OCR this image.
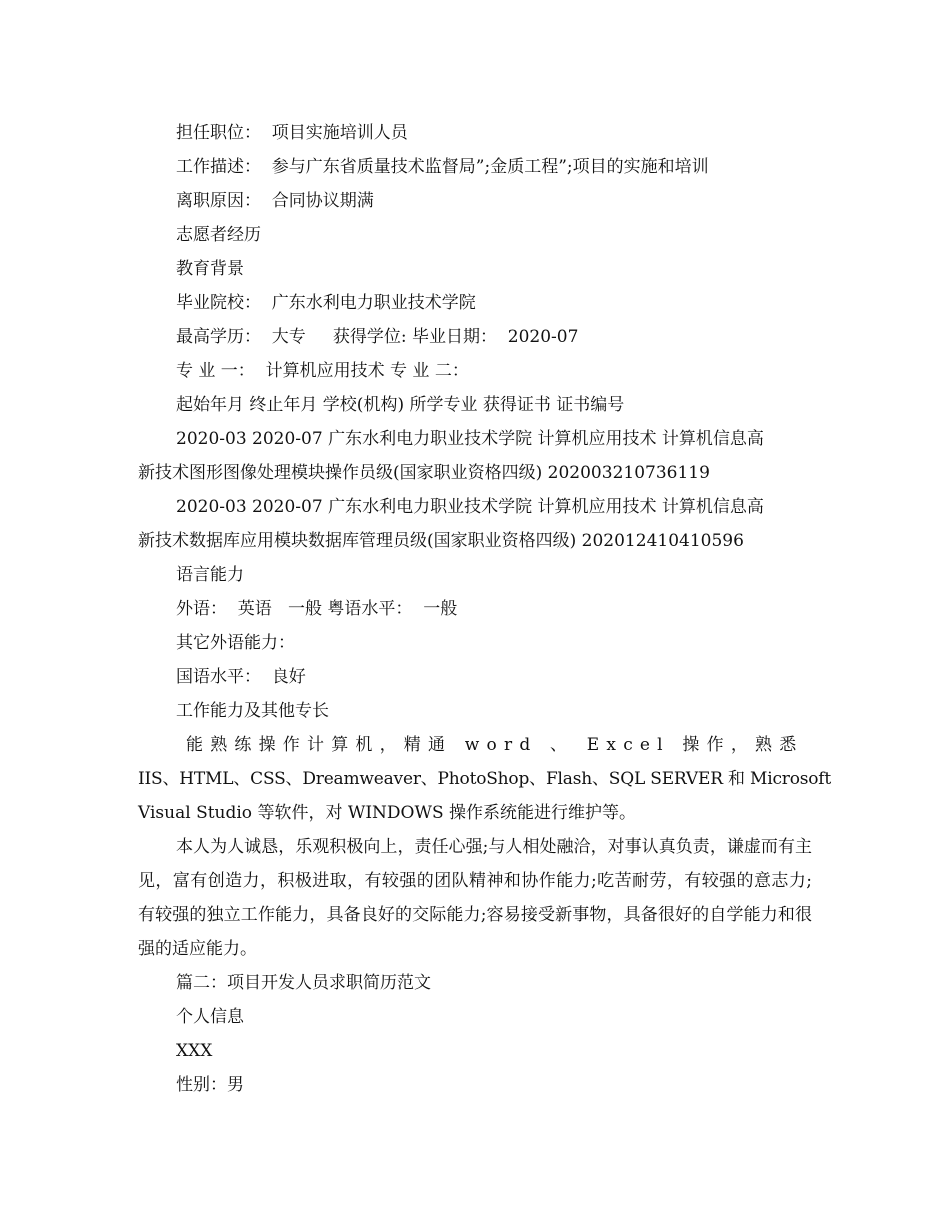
担任职位：  项目实施培训人员

工作描述：  参与广东省质量技术监督局”;金质工程”;项目的实施和培训

离职原因：  合同协议期满

志愿者经历

教育背景

毕业院校：  广东水利电力职业技术学院

最高学历：  大专     获得学位: 毕业日期：  2020-07

专 业 一：  计算机应用技术 专 业 二：

起始年月 终止年月 学校(机构) 所学专业 获得证书 证书编号

2020-03 2020-07 广东水利电力职业技术学院 计算机应用技术 计算机信息高

新技术图形图像处理模块操作员级(国家职业资格四级) 202003210736119

2020-03 2020-07 广东水利电力职业技术学院 计算机应用技术 计算机信息高

新技术数据库应用模块数据库管理员级(国家职业资格四级) 202012410410596

语言能力

外语：  英语   一般 粤语水平：  一般

其它外语能力：

国语水平：  良好

工作能力及其他专长

能熟练操作计算机，精通 word 、 Excel 操作，熟悉

IIS、HTML、CSS、Dreamweaver、PhotoShop、Flash、SQL SERVER 和 Microsoft

Visual Studio 等软件，对 WINDOWS 操作系统能进行维护等。

本人为人诚恳，乐观积极向上，责任心强;与人相处融洽，对事认真负责，谦虚而有主见，富有创造力，积极进取，有较强的团队精神和协作能力;吃苦耐劳，有较强的意志力;有较强的独立工作能力，具备良好的交际能力;容易接受新事物，具备很好的自学能力和很强的适应能力。

篇二：项目开发人员求职简历范文

个人信息

XXX

性别：男
